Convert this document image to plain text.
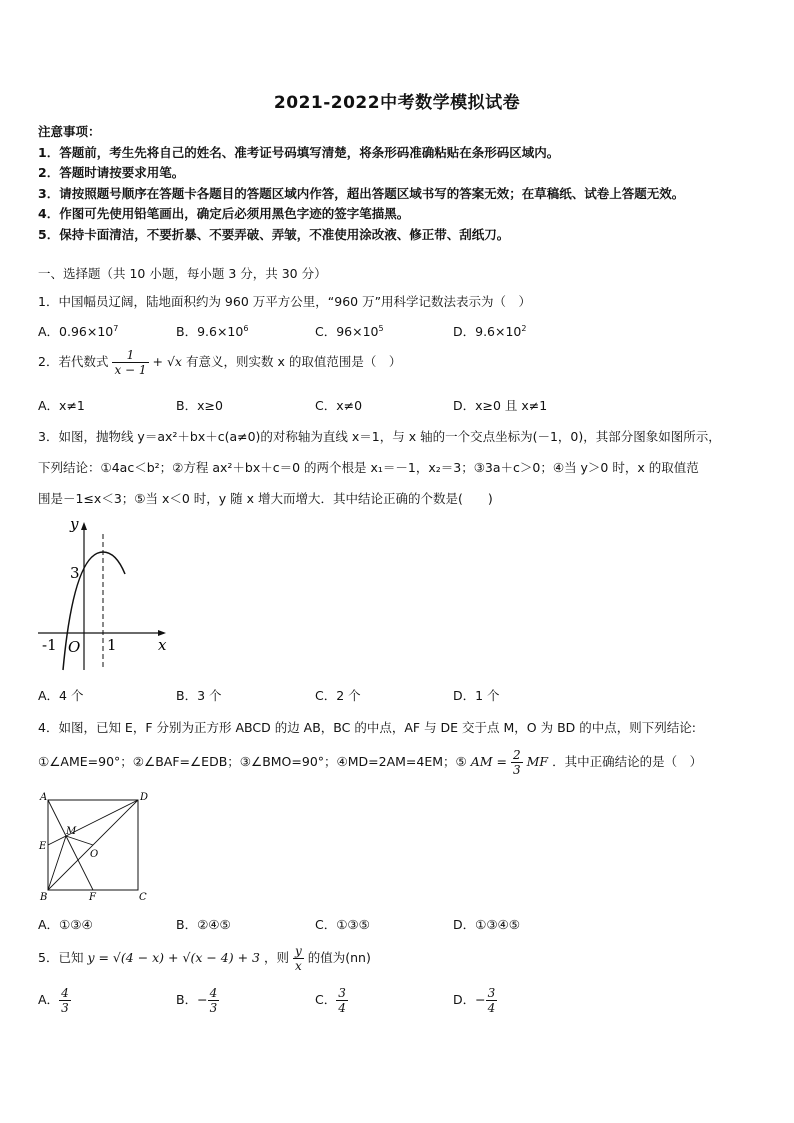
2021-2022中考数学模拟试卷
注意事项：
1．答题前，考生先将自己的姓名、准考证号码填写清楚，将条形码准确粘贴在条形码区域内。
2．答题时请按要求用笔。
3．请按照题号顺序在答题卡各题目的答题区域内作答，超出答题区域书写的答案无效；在草稿纸、试卷上答题无效。
4．作图可先使用铅笔画出，确定后必须用黑色字迹的签字笔描黑。
5．保持卡面清洁，不要折暴、不要弄破、弄皱，不准使用涂改液、修正带、刮纸刀。
一、选择题（共 10 小题，每小题 3 分，共 30 分）
1．中国幅员辽阔，陆地面积约为 960 万平方公里，“960 万”用科学记数法表示为（　）
A．$0.96\times 10^7$	B．$9.6\times 10^6$	C．$96\times 10^5$	D．$9.6\times 10^2$
2．若代数式 $\frac{1}{x - 1} + √x$ 有意义，则实数 x 的取值范围是（　）
A．x≠1	B．x≥0	C．x≠0	D．x≥0 且 x≠1
3．如图，抛物线 y＝ax²＋bx＋c(a≠0)的对称轴为直线 x＝1，与 x 轴的一个交点坐标为(－1，0)，其部分图象如图所示，
下列结论：①4ac＜b²；②方程 ax²＋bx＋c＝0 的两个根是 x₁＝－1，x₂＝3；③3a＋c＞0；④当 y＞0 时，x 的取值范
围是－1≤x＜3；⑤当 x＜0 时，y 随 x 增大而增大．其中结论正确的个数是(　　)
y
x
3
-1 O 1
A．4 个	B．3 个	C．2 个	D．1 个
4．如图，已知 E，F 分别为正方形 ABCD 的边 AB，BC 的中点，AF 与 DE 交于点 M，O 为 BD 的中点，则下列结论:
①∠AME=90°；②∠BAF=∠EDB；③∠BMO=90°；④MD=2AM=4EM；⑤ AM = $\frac{2}{3}$ MF ．其中正确结论的是（　）
A	D
E
B	F	C
M
O
A．①③④	B．②④⑤	C．①③⑤	D．①③④⑤
5．已知 y = √(4 − x) + √(x − 4) + 3 ，则 $\frac{y}{x}$ 的值为(nn)
A． $\frac{4}{3}$	B．− $\frac{4}{3}$	C． $\frac{3}{4}$	D．− $\frac{3}{4}$
